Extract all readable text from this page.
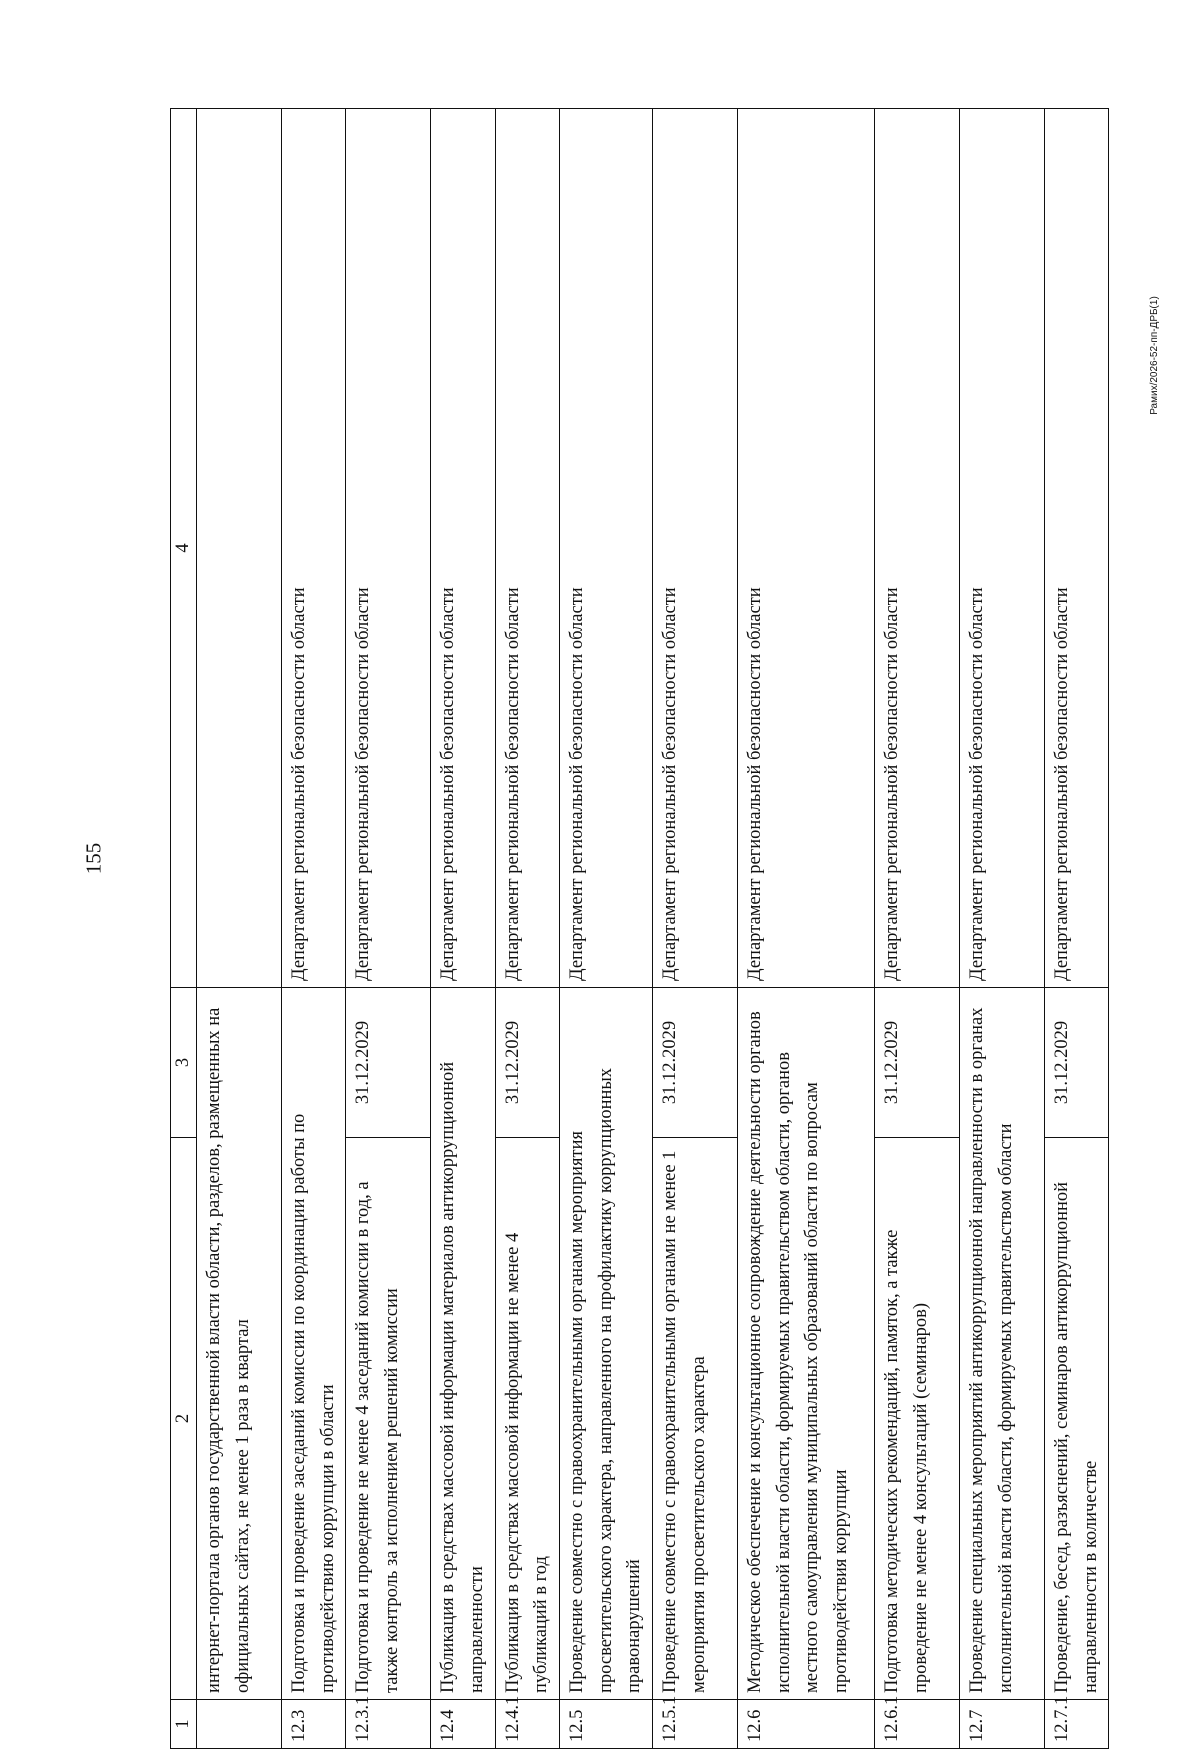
155
Рамих/2026-52-пп-ДРБ(1)
1	2	3	4
	интернет-портала органов государственной власти области, разделов, размещенных на официальных сайтах, не менее 1 раза в квартал		
12.3	Подготовка и проведение заседаний комиссии по координации работы по противодействию коррупции в области		Департамент региональной безопасности области
12.3.1	Подготовка и проведение не менее 4 заседаний комиссии в год, а также контроль за исполнением решений комиссии	31.12.2029	Департамент региональной безопасности области
12.4	Публикация в средствах массовой информации материалов антикоррупционной направленности		Департамент региональной безопасности области
12.4.1	Публикация в средствах массовой информации не менее 4 публикаций в год	31.12.2029	Департамент региональной безопасности области
12.5	Проведение совместно с правоохранительными органами мероприятия просветительского характера, направленного на профилактику коррупционных правонарушений		Департамент региональной безопасности области
12.5.1	Проведение совместно с правоохранительными органами не менее 1 мероприятия просветительского характера	31.12.2029	Департамент региональной безопасности области
12.6	Методическое обеспечение и консультационное сопровождение деятельности органов исполнительной власти области, формируемых правительством области, органов местного самоуправления муниципальных образований области по вопросам противодействия коррупции		Департамент региональной безопасности области
12.6.1	Подготовка методических рекомендаций, памяток, а также проведение не менее 4 консультаций (семинаров)	31.12.2029	Департамент региональной безопасности области
12.7	Проведение специальных мероприятий антикоррупционной направленности в органах исполнительной власти области, формируемых правительством области		Департамент региональной безопасности области
12.7.1	Проведение, бесед, разъяснений, семинаров антикоррупционной направленности в количестве	31.12.2029	Департамент региональной безопасности области
